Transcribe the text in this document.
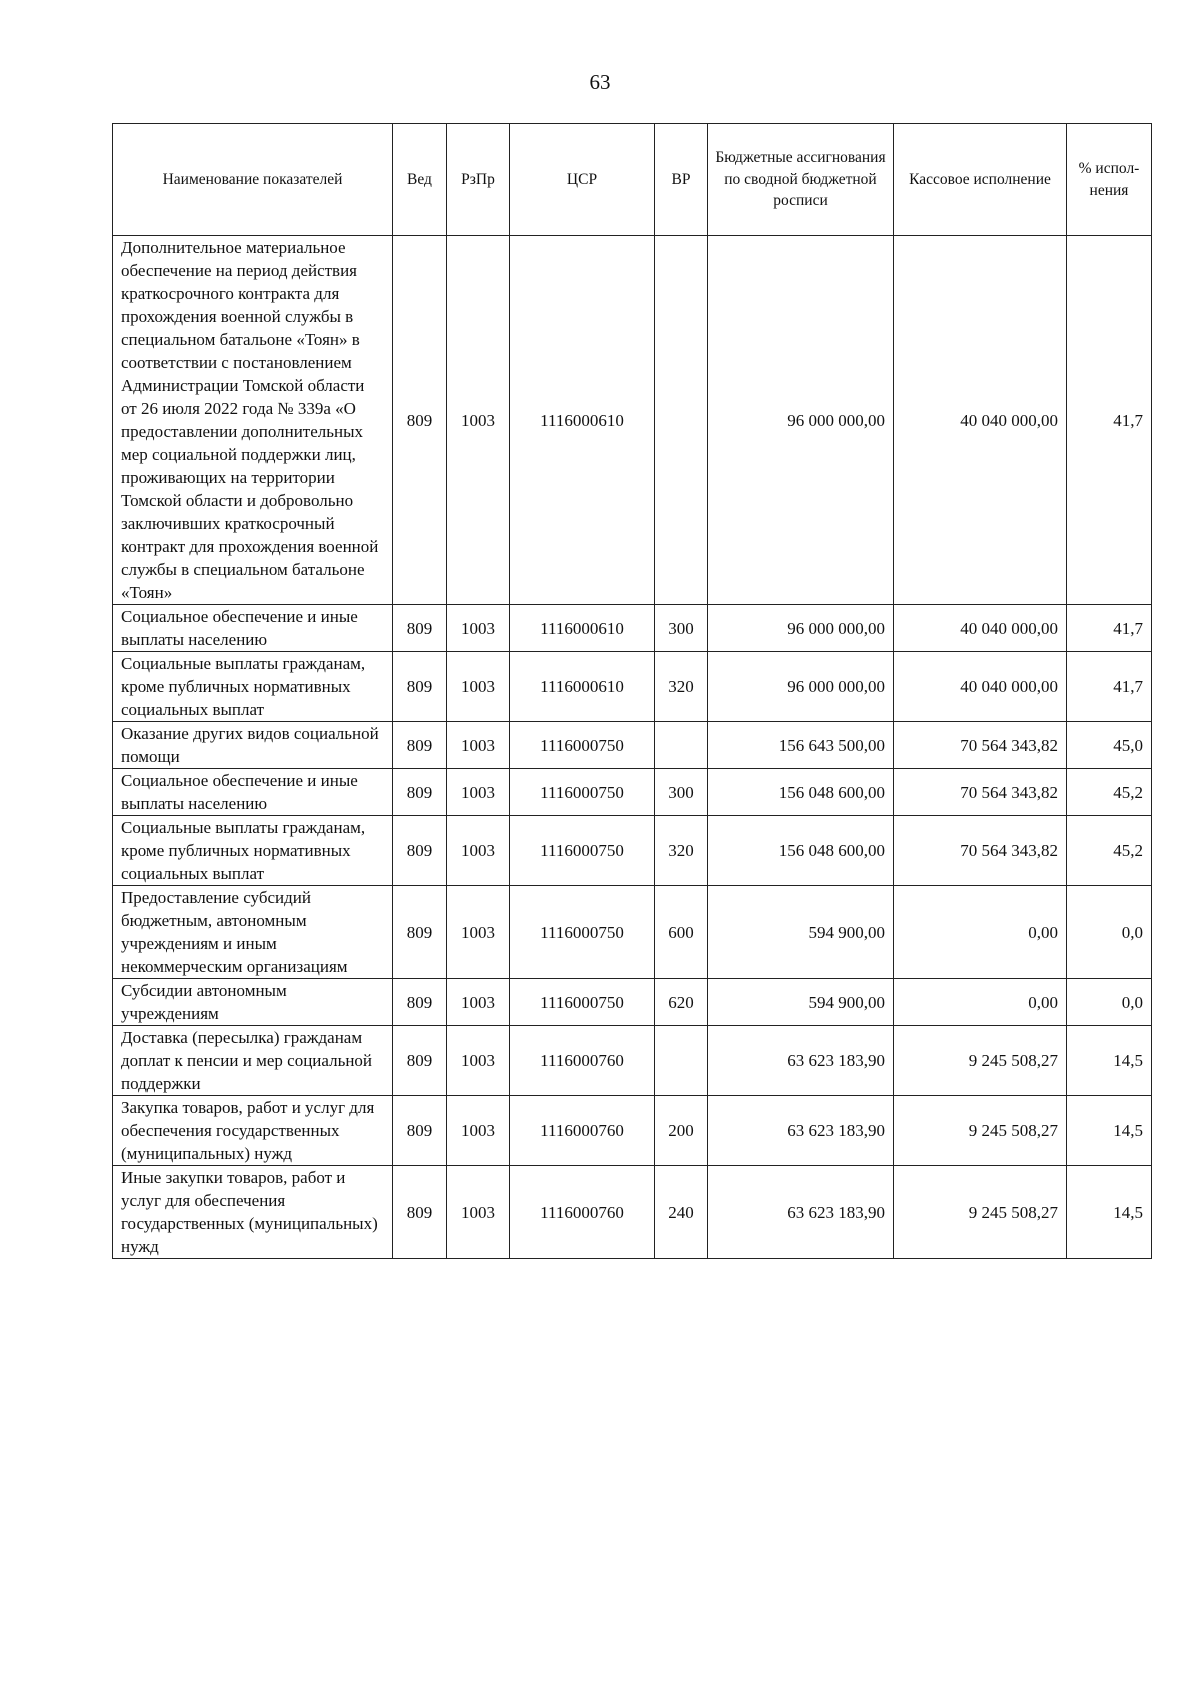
63
Наименование показателей	Вед	РзПр	ЦСР	ВР	Бюджетные ассигнования по сводной бюджетной росписи	Кассовое исполнение	% испол-нения
Дополнительное материальное обеспечение на период действия краткосрочного контракта для прохождения военной службы в специальном батальоне «Тоян» в соответствии с постановлением Администрации Томской области от 26 июля 2022 года № 339а «О предоставлении дополнительных мер социальной поддержки лиц, проживающих на территории Томской области и добровольно заключивших краткосрочный контракт для прохождения военной службы в специальном батальоне «Тоян»	809	1003	1116000610		96 000 000,00	40 040 000,00	41,7
Социальное обеспечение и иные выплаты населению	809	1003	1116000610	300	96 000 000,00	40 040 000,00	41,7
Социальные выплаты гражданам, кроме публичных нормативных социальных выплат	809	1003	1116000610	320	96 000 000,00	40 040 000,00	41,7
Оказание других видов социальной помощи	809	1003	1116000750		156 643 500,00	70 564 343,82	45,0
Социальное обеспечение и иные выплаты населению	809	1003	1116000750	300	156 048 600,00	70 564 343,82	45,2
Социальные выплаты гражданам, кроме публичных нормативных социальных выплат	809	1003	1116000750	320	156 048 600,00	70 564 343,82	45,2
Предоставление субсидий бюджетным, автономным учреждениям и иным некоммерческим организациям	809	1003	1116000750	600	594 900,00	0,00	0,0
Субсидии автономным учреждениям	809	1003	1116000750	620	594 900,00	0,00	0,0
Доставка (пересылка) гражданам доплат к пенсии и мер социальной поддержки	809	1003	1116000760		63 623 183,90	9 245 508,27	14,5
Закупка товаров, работ и услуг для обеспечения государственных (муниципальных) нужд	809	1003	1116000760	200	63 623 183,90	9 245 508,27	14,5
Иные закупки товаров, работ и услуг для обеспечения государственных (муниципальных) нужд	809	1003	1116000760	240	63 623 183,90	9 245 508,27	14,5
